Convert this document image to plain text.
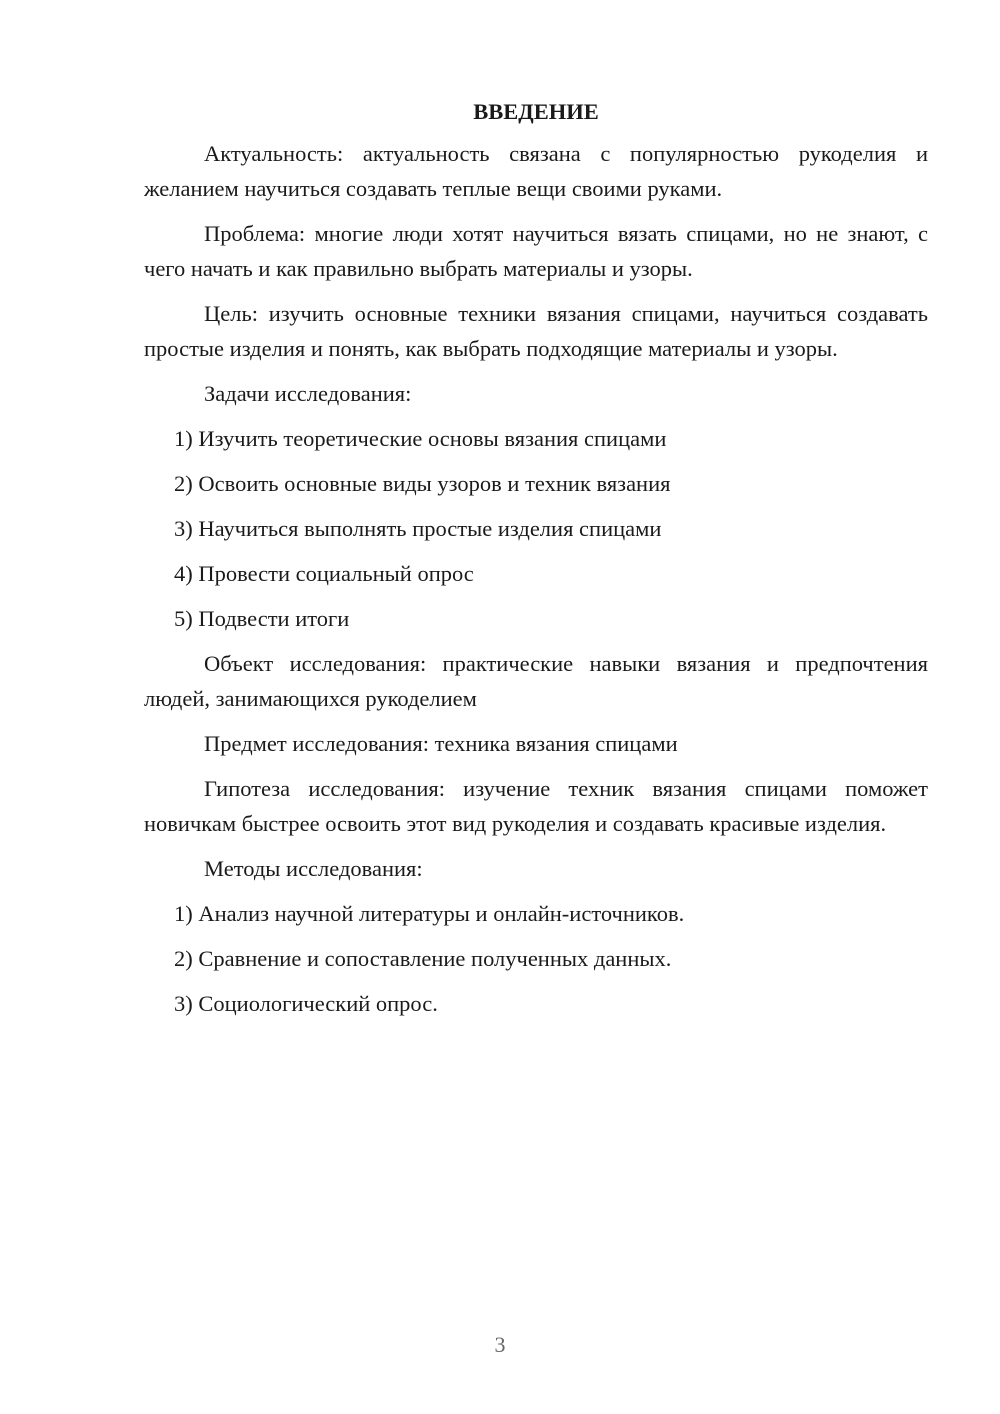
ВВЕДЕНИЕ

Актуальность: актуальность связана с популярностью рукоделия и желанием научиться создавать теплые вещи своими руками.

Проблема: многие люди хотят научиться вязать спицами, но не знают, с чего начать и как правильно выбрать материалы и узоры.

Цель: изучить основные техники вязания спицами, научиться создавать простые изделия и понять, как выбрать подходящие материалы и узоры.

Задачи исследования:

1) Изучить теоретические основы вязания спицами

2) Освоить основные виды узоров и техник вязания

3) Научиться выполнять простые изделия спицами

4) Провести социальный опрос

5) Подвести итоги

Объект исследования: практические навыки вязания и предпочтения людей, занимающихся рукоделием

Предмет исследования: техника вязания спицами

Гипотеза исследования: изучение техник вязания спицами поможет новичкам быстрее освоить этот вид рукоделия и создавать красивые изделия.

Методы исследования:

1) Анализ научной литературы и онлайн-источников.

2) Сравнение и сопоставление полученных данных.

3) Социологический опрос.

3
